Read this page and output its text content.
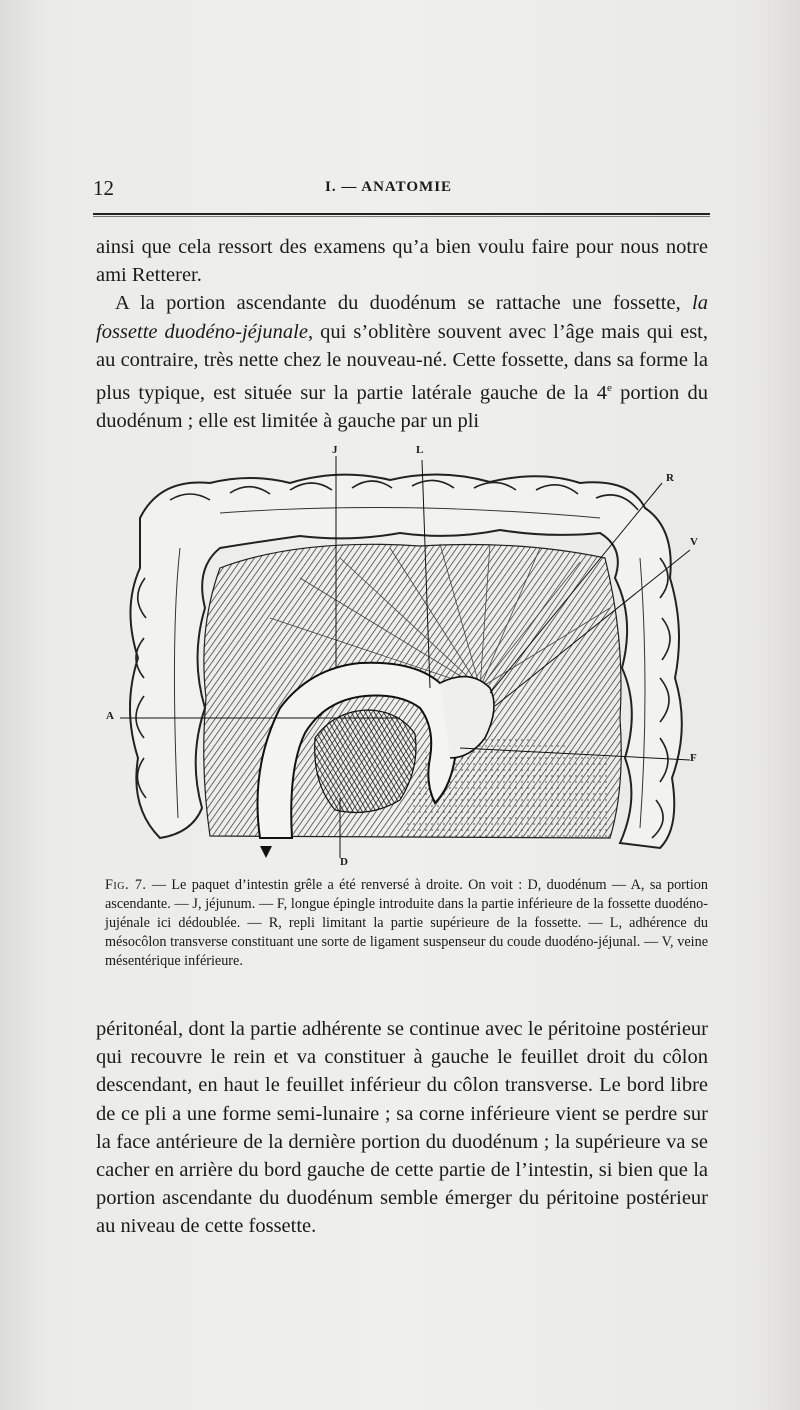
12	I. — ANATOMIE

ainsi que cela ressort des examens qu’a bien voulu faire pour nous notre ami Retterer.

A la portion ascendante du duodénum se rattache une fossette, la fossette duodéno-jéjunale, qui s’oblitère souvent avec l’âge mais qui est, au contraire, très nette chez le nouveau-né. Cette fossette, dans sa forme la plus typique, est située sur la partie latérale gauche de la 4e portion du duodénum ; elle est limitée à gauche par un pli

J	L
R
V
A
F
D

Fig. 7. — Le paquet d’intestin grêle a été renversé à droite. On voit : D, duodénum — A, sa portion ascendante. — J, jéjunum. — F, longue épingle introduite dans la partie inférieure de la fossette duodéno-jujénale ici dédoublée. — R, repli limitant la partie supérieure de la fossette. — L, adhérence du mésocôlon transverse constituant une sorte de ligament suspenseur du coude duodéno-jéjunal. — V, veine mésentérique inférieure.

péritonéal, dont la partie adhérente se continue avec le péritoine postérieur qui recouvre le rein et va constituer à gauche le feuillet droit du côlon descendant, en haut le feuillet inférieur du côlon transverse. Le bord libre de ce pli a une forme semi-lunaire ; sa corne inférieure vient se perdre sur la face antérieure de la dernière portion du duodénum ; la supérieure va se cacher en arrière du bord gauche de cette partie de l’intestin, si bien que la portion ascendante du duodénum semble émerger du péritoine postérieur au niveau de cette fossette.
